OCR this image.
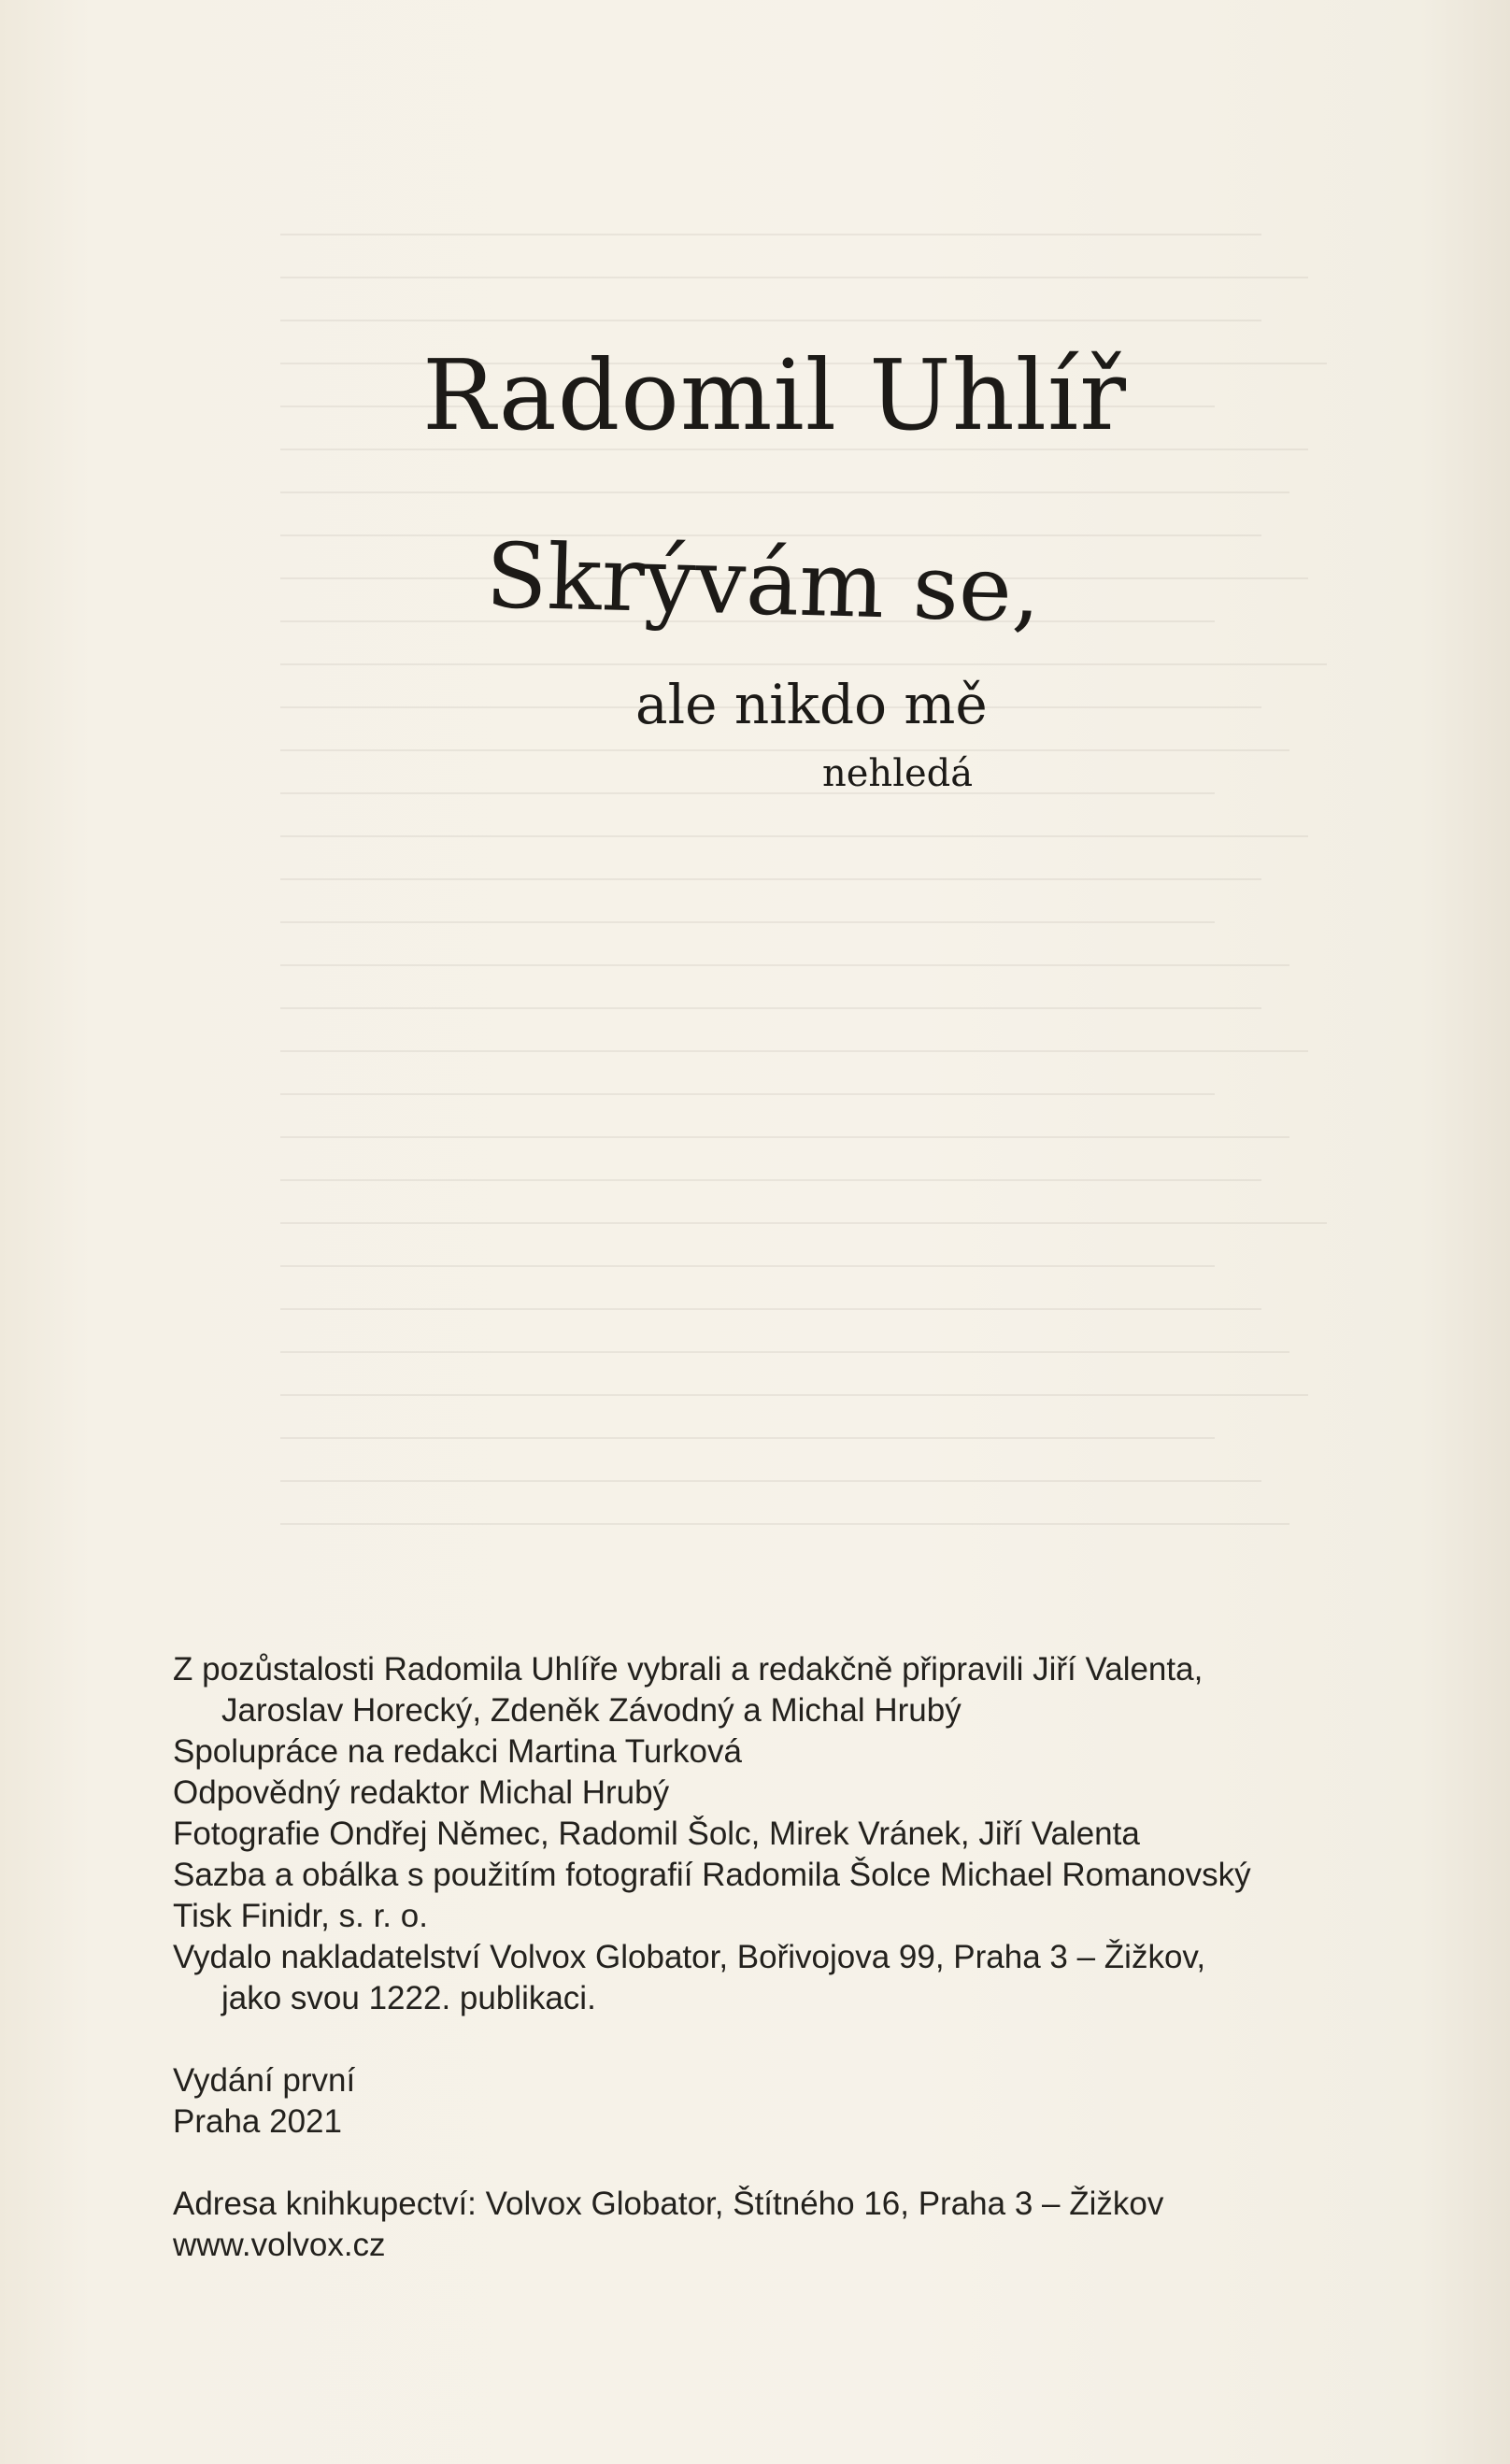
Radomil Uhlíř
Skrývám se,
ale nikdo mě
nehledá
Z pozůstalosti Radomila Uhlíře vybrali a redakčně připravili Jiří Valenta,
Jaroslav Horecký, Zdeněk Závodný a Michal Hrubý
Spolupráce na redakci Martina Turková
Odpovědný redaktor Michal Hrubý
Fotografie Ondřej Němec, Radomil Šolc, Mirek Vránek, Jiří Valenta
Sazba a obálka s použitím fotografií Radomila Šolce Michael Romanovský
Tisk Finidr, s. r. o.
Vydalo nakladatelství Volvox Globator, Bořivojova 99, Praha 3 – Žižkov,
jako svou 1222. publikaci.
Vydání první
Praha 2021
Adresa knihkupectví: Volvox Globator, Štítného 16, Praha 3 – Žižkov
www.volvox.cz
